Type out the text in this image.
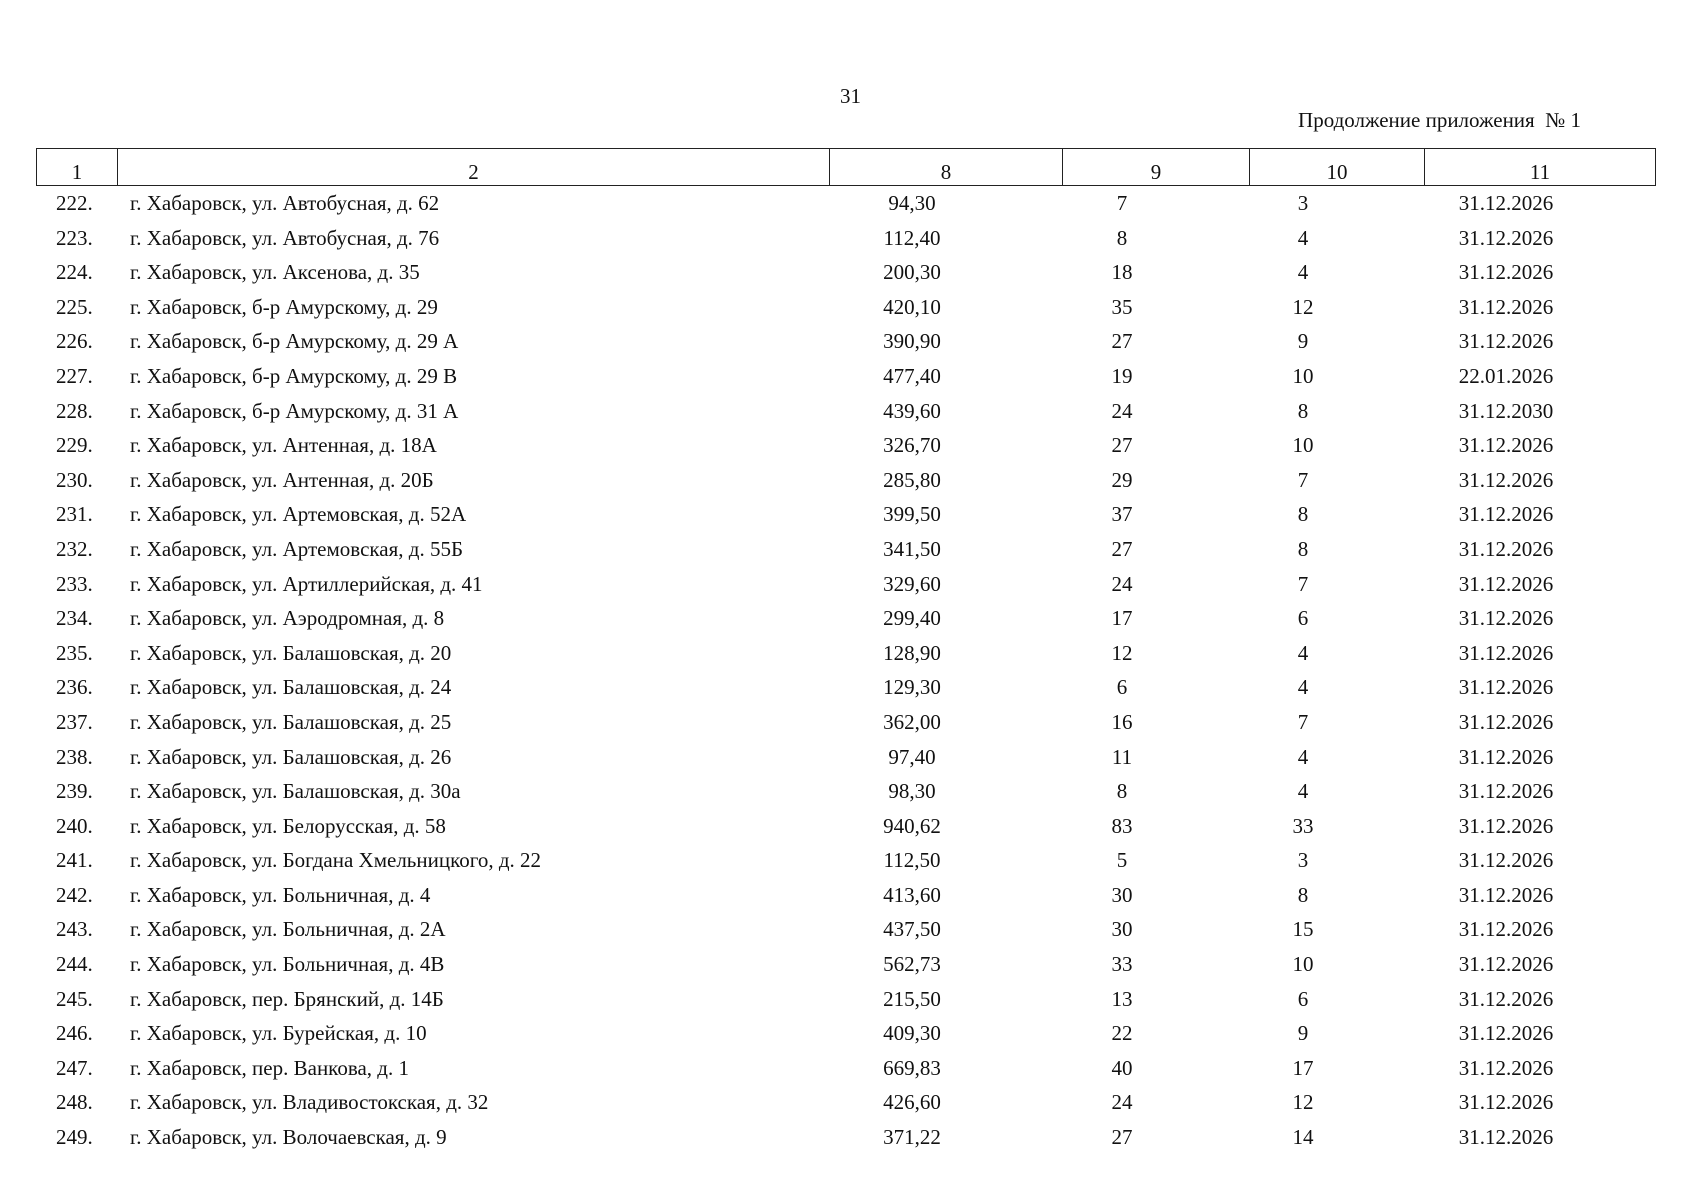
31
Продолжение приложения  № 1
1	2	8	9	10	11
222.	г. Хабаровск, ул. Автобусная, д. 62	94,30	7	3	31.12.2026
223.	г. Хабаровск, ул. Автобусная, д. 76	112,40	8	4	31.12.2026
224.	г. Хабаровск, ул. Аксенова, д. 35	200,30	18	4	31.12.2026
225.	г. Хабаровск, б-р Амурскому, д. 29	420,10	35	12	31.12.2026
226.	г. Хабаровск, б-р Амурскому, д. 29 А	390,90	27	9	31.12.2026
227.	г. Хабаровск, б-р Амурскому, д. 29 В	477,40	19	10	22.01.2026
228.	г. Хабаровск, б-р Амурскому, д. 31 А	439,60	24	8	31.12.2030
229.	г. Хабаровск, ул. Антенная, д. 18А	326,70	27	10	31.12.2026
230.	г. Хабаровск, ул. Антенная, д. 20Б	285,80	29	7	31.12.2026
231.	г. Хабаровск, ул. Артемовская, д. 52А	399,50	37	8	31.12.2026
232.	г. Хабаровск, ул. Артемовская, д. 55Б	341,50	27	8	31.12.2026
233.	г. Хабаровск, ул. Артиллерийская, д. 41	329,60	24	7	31.12.2026
234.	г. Хабаровск, ул. Аэродромная, д. 8	299,40	17	6	31.12.2026
235.	г. Хабаровск, ул. Балашовская, д. 20	128,90	12	4	31.12.2026
236.	г. Хабаровск, ул. Балашовская, д. 24	129,30	6	4	31.12.2026
237.	г. Хабаровск, ул. Балашовская, д. 25	362,00	16	7	31.12.2026
238.	г. Хабаровск, ул. Балашовская, д. 26	97,40	11	4	31.12.2026
239.	г. Хабаровск, ул. Балашовская, д. 30а	98,30	8	4	31.12.2026
240.	г. Хабаровск, ул. Белорусская, д. 58	940,62	83	33	31.12.2026
241.	г. Хабаровск, ул. Богдана Хмельницкого, д. 22	112,50	5	3	31.12.2026
242.	г. Хабаровск, ул. Больничная, д. 4	413,60	30	8	31.12.2026
243.	г. Хабаровск, ул. Больничная, д. 2А	437,50	30	15	31.12.2026
244.	г. Хабаровск, ул. Больничная, д. 4В	562,73	33	10	31.12.2026
245.	г. Хабаровск, пер. Брянский, д. 14Б	215,50	13	6	31.12.2026
246.	г. Хабаровск, ул. Бурейская, д. 10	409,30	22	9	31.12.2026
247.	г. Хабаровск, пер. Ванкова, д. 1	669,83	40	17	31.12.2026
248.	г. Хабаровск, ул. Владивостокская, д. 32	426,60	24	12	31.12.2026
249.	г. Хабаровск, ул. Волочаевская, д. 9	371,22	27	14	31.12.2026
